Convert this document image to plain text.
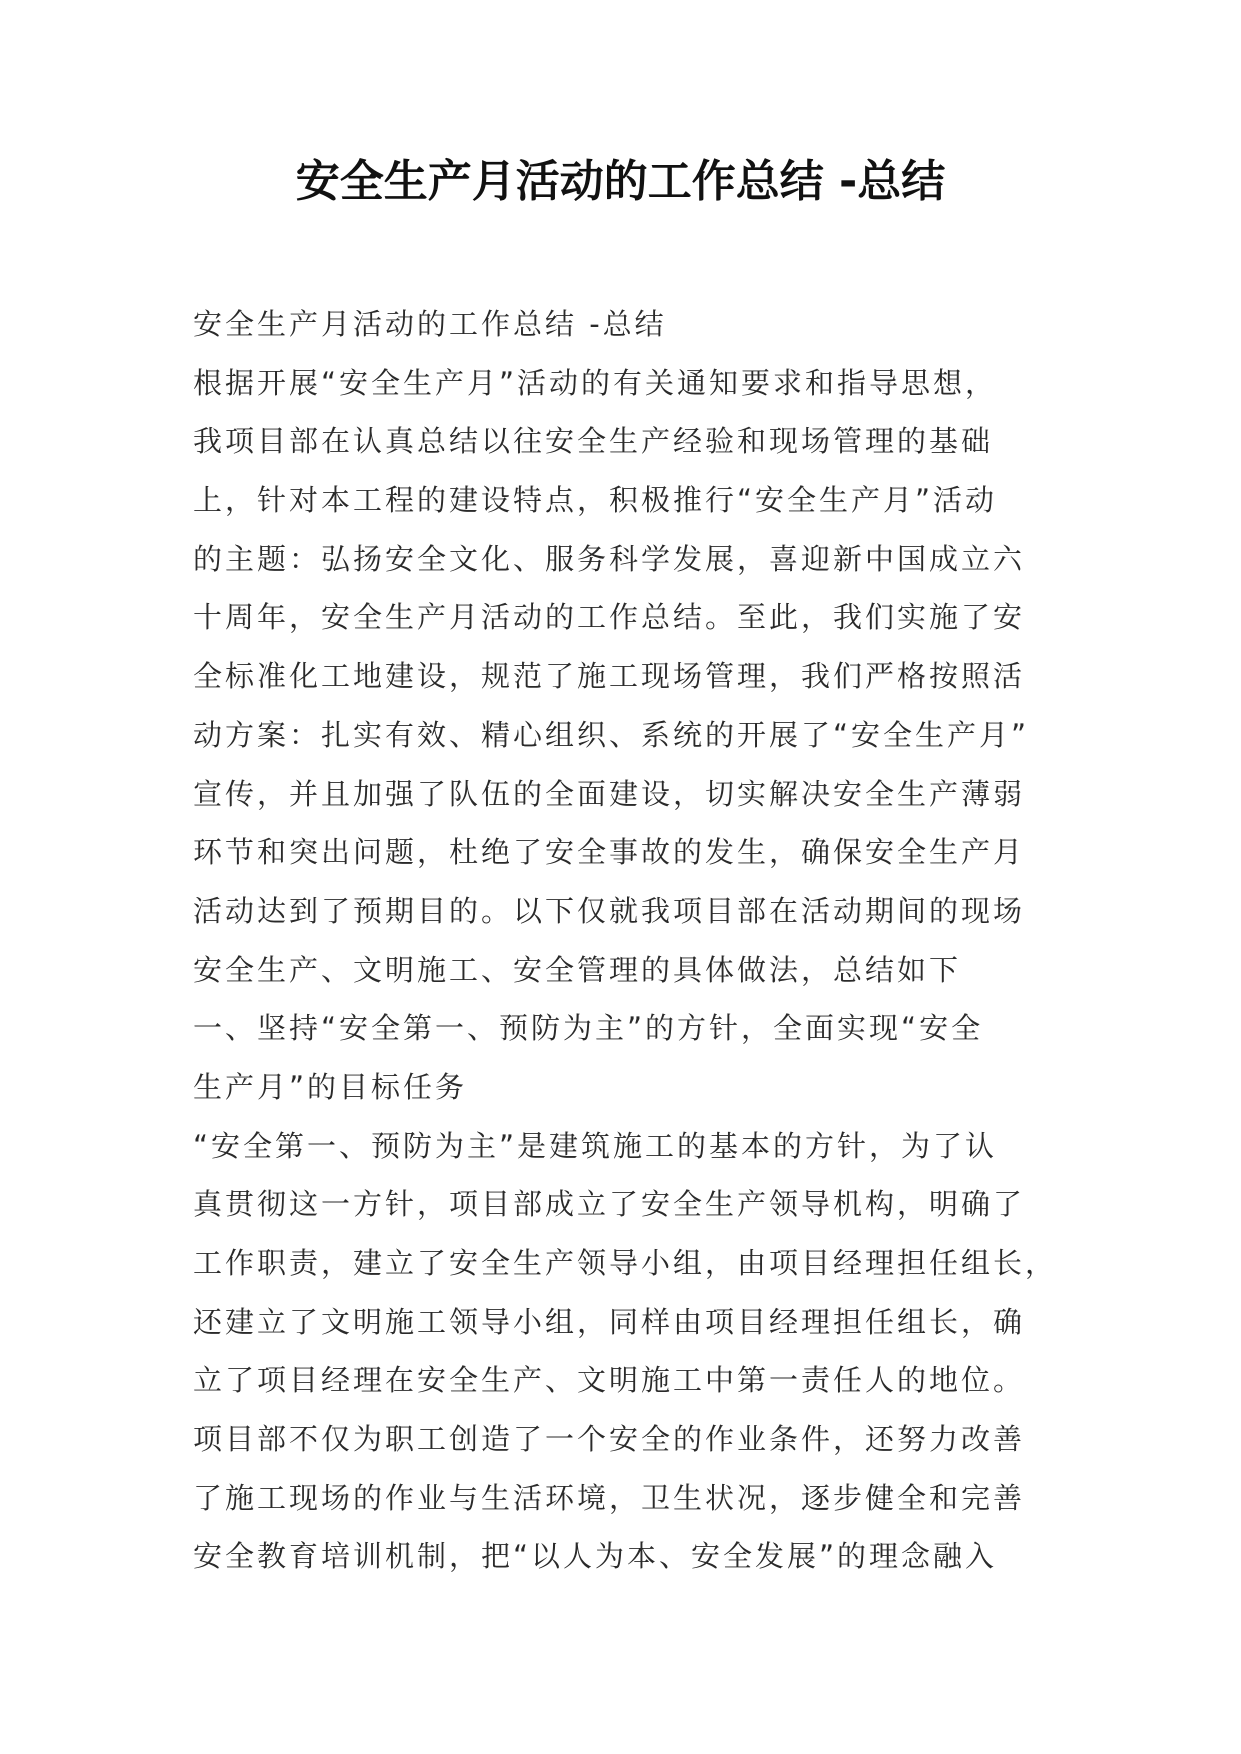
安全生产月活动的工作总结 -总结
安全生产月活动的工作总结 -总结
根据开展“安全生产月”活动的有关通知要求和指导思想，
我项目部在认真总结以往安全生产经验和现场管理的基础
上，针对本工程的建设特点，积极推行“安全生产月”活动
的主题：弘扬安全文化、服务科学发展，喜迎新中国成立六
十周年，安全生产月活动的工作总结。至此，我们实施了安
全标准化工地建设，规范了施工现场管理，我们严格按照活
动方案：扎实有效、精心组织、系统的开展了“安全生产月”
宣传，并且加强了队伍的全面建设，切实解决安全生产薄弱
环节和突出问题，杜绝了安全事故的发生，确保安全生产月
活动达到了预期目的。以下仅就我项目部在活动期间的现场
安全生产、文明施工、安全管理的具体做法，总结如下
一、坚持“安全第一、预防为主”的方针，全面实现“安全
生产月”的目标任务
“安全第一、预防为主”是建筑施工的基本的方针，为了认
真贯彻这一方针，项目部成立了安全生产领导机构，明确了
工作职责，建立了安全生产领导小组，由项目经理担任组长，
还建立了文明施工领导小组，同样由项目经理担任组长，确
立了项目经理在安全生产、文明施工中第一责任人的地位。
项目部不仅为职工创造了一个安全的作业条件，还努力改善
了施工现场的作业与生活环境，卫生状况，逐步健全和完善
安全教育培训机制，把“以人为本、安全发展”的理念融入
